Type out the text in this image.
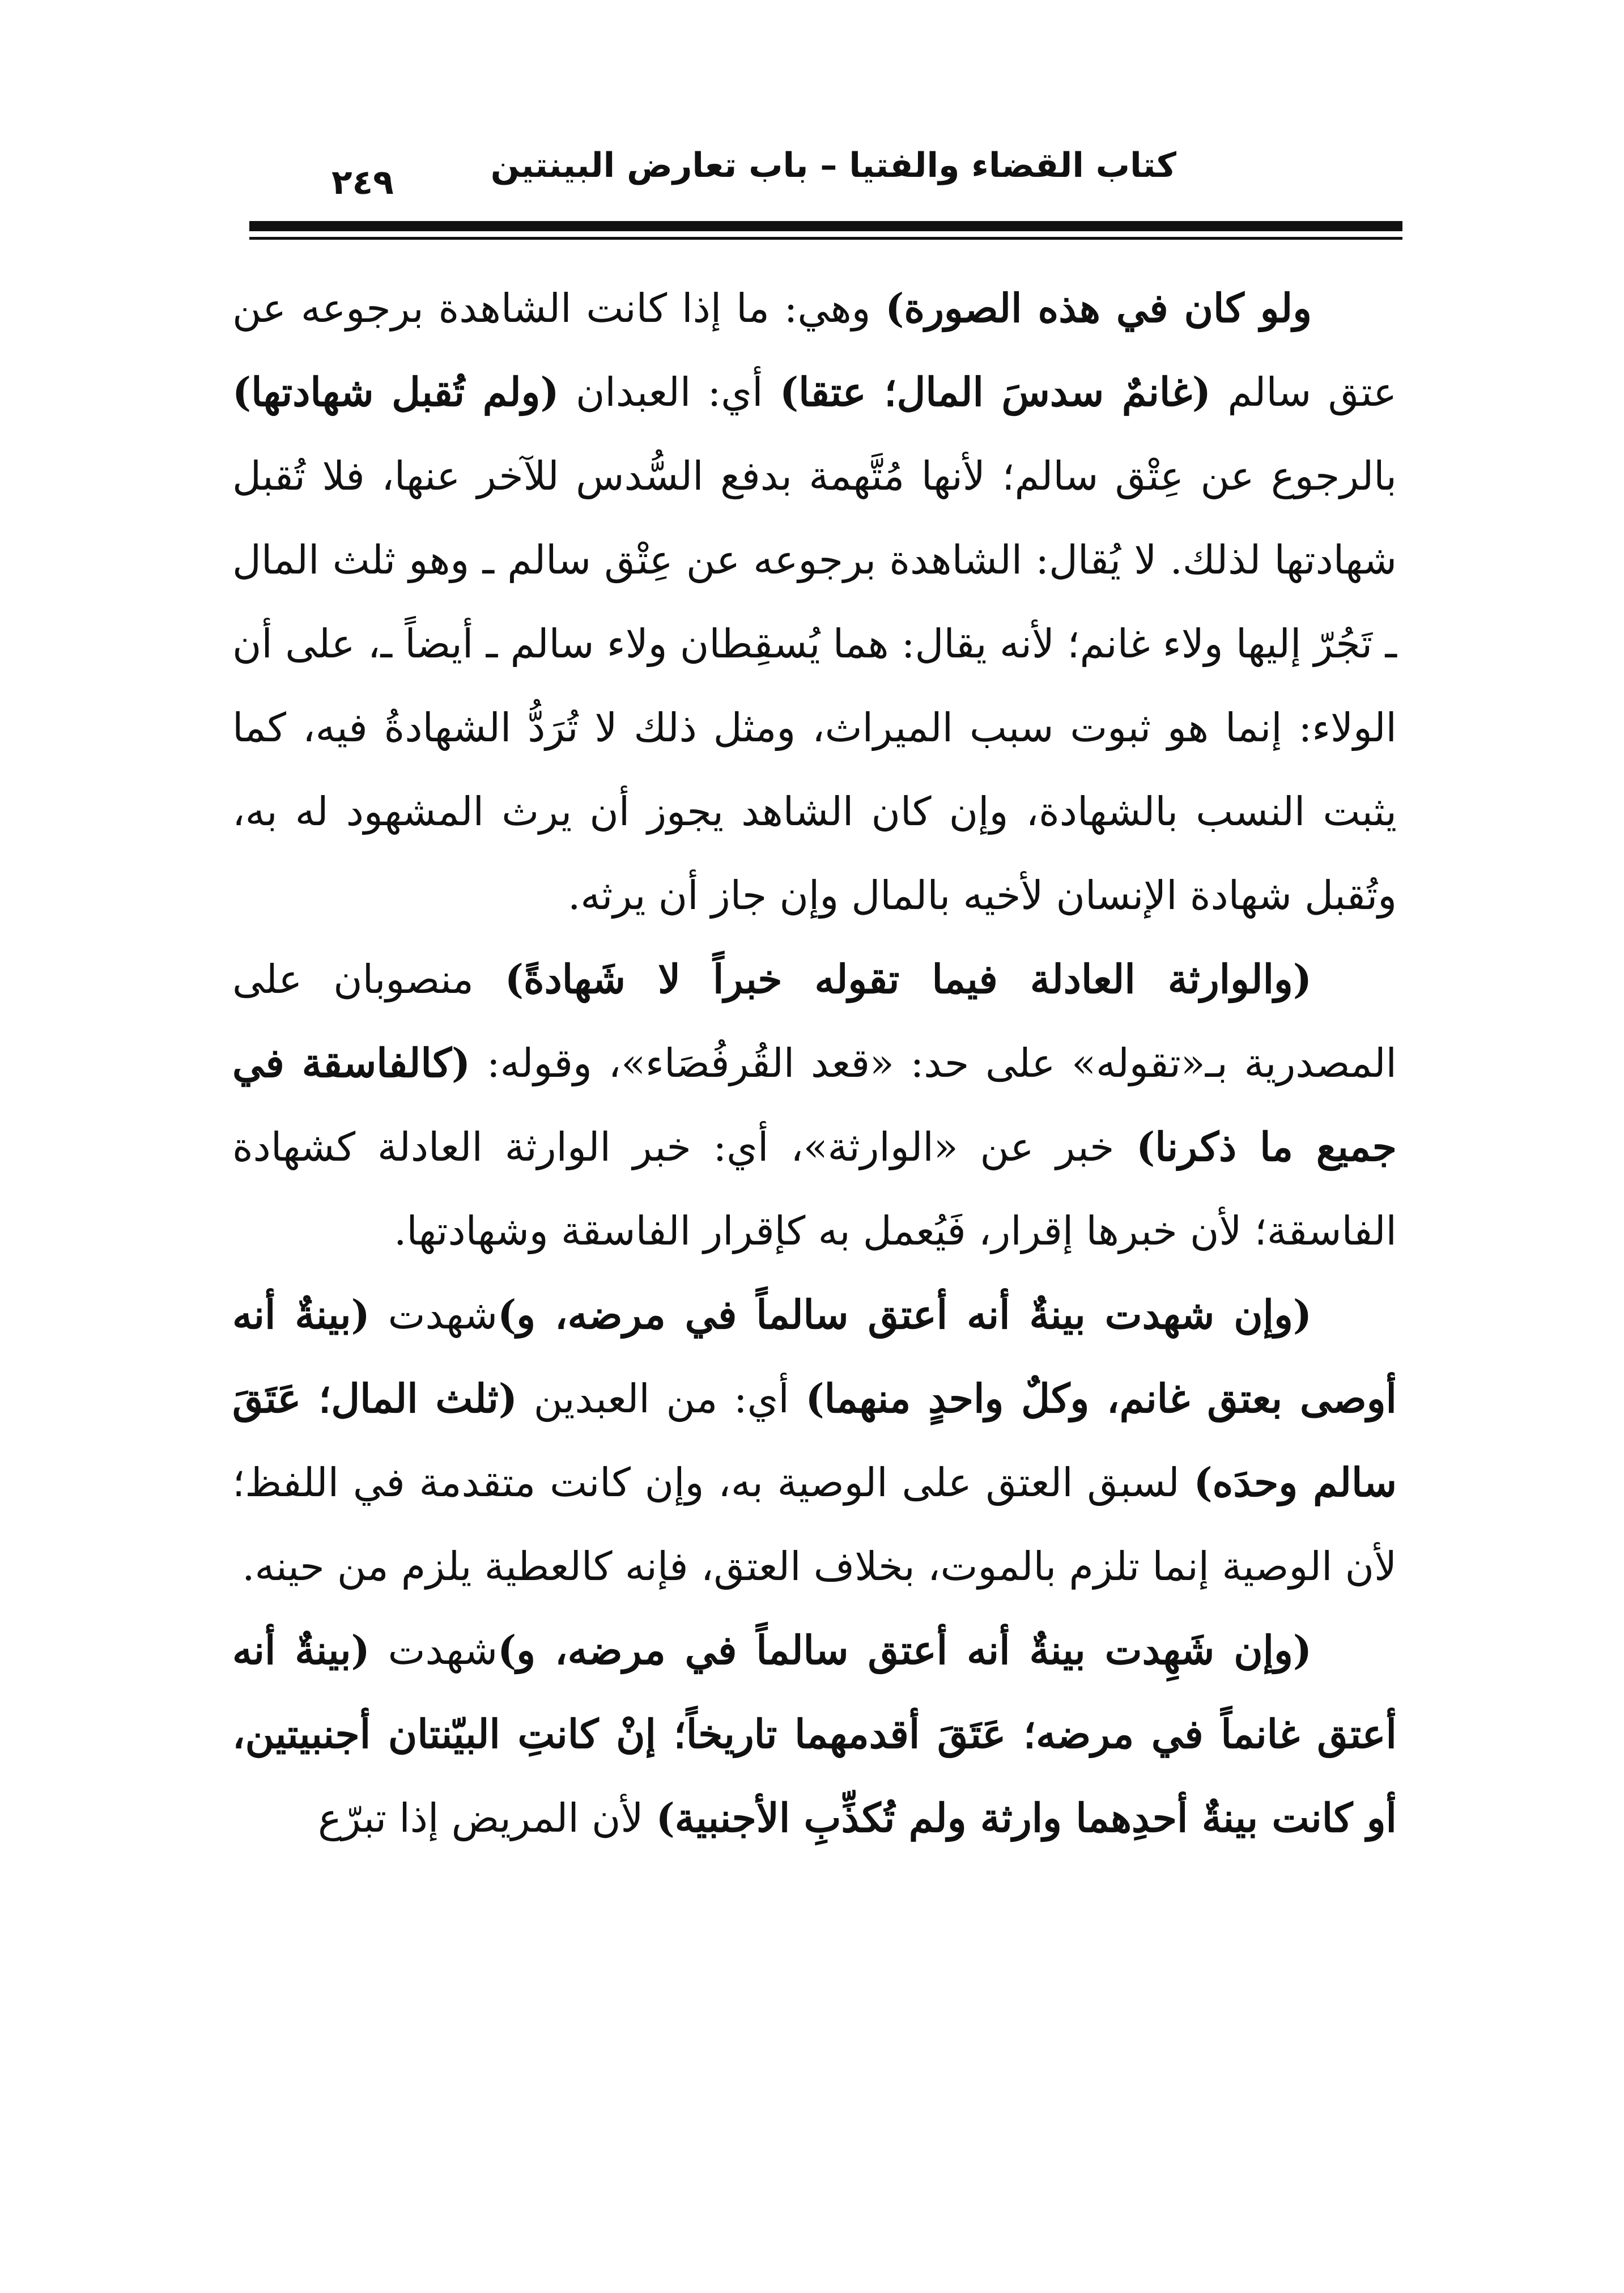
كتاب القضاء والفتيا – باب تعارض البينتين
٢٤٩

ولو كان في هذه الصورة) وهي: ما إذا كانت الشاهدة برجوعه عن عتق سالم (غانمٌ سدسَ المال؛ عتقا) أي: العبدان (ولم تُقبل شهادتها) بالرجوع عن عِتْق سالم؛ لأنها مُتَّهمة بدفع السُّدس للآخر عنها، فلا تُقبل شهادتها لذلك. لا يُقال: الشاهدة برجوعه عن عِتْق سالم ـ وهو ثلث المال ـ تَجُرّ إليها ولاء غانم؛ لأنه يقال: هما يُسقِطان ولاء سالم ـ أيضاً ـ، على أن الولاء: إنما هو ثبوت سبب الميراث، ومثل ذلك لا تُرَدُّ الشهادةُ فيه، كما يثبت النسب بالشهادة، وإن كان الشاهد يجوز أن يرث المشهود له به، وتُقبل شهادة الإنسان لأخيه بالمال وإن جاز أن يرثه.

(والوارثة العادلة فيما تقوله خبراً لا شَهادةً) منصوبان على المصدرية بـ«تقوله» على حد: «قعد القُرفُصَاء»، وقوله: (كالفاسقة في جميع ما ذكرنا) خبر عن «الوارثة»، أي: خبر الوارثة العادلة كشهادة الفاسقة؛ لأن خبرها إقرار، فَيُعمل به كإقرار الفاسقة وشهادتها.

(وإن شهدت بينةٌ أنه أعتق سالماً في مرضه، و)شهدت (بينةٌ أنه أوصى بعتق غانم، وكلٌ واحدٍ منهما) أي: من العبدين (ثلث المال؛ عَتَقَ سالم وحدَه) لسبق العتق على الوصية به، وإن كانت متقدمة في اللفظ؛ لأن الوصية إنما تلزم بالموت، بخلاف العتق، فإنه كالعطية يلزم من حينه.

(وإن شَهِدت بينةٌ أنه أعتق سالماً في مرضه، و)شهدت (بينةٌ أنه أعتق غانماً في مرضه؛ عَتَقَ أقدمهما تاريخاً؛ إنْ كانتِ البيّنتان أجنبيتين، أو كانت بينةٌ أحدِهما وارثة ولم تُكذِّبِ الأجنبية) لأن المريض إذا تبرّع
